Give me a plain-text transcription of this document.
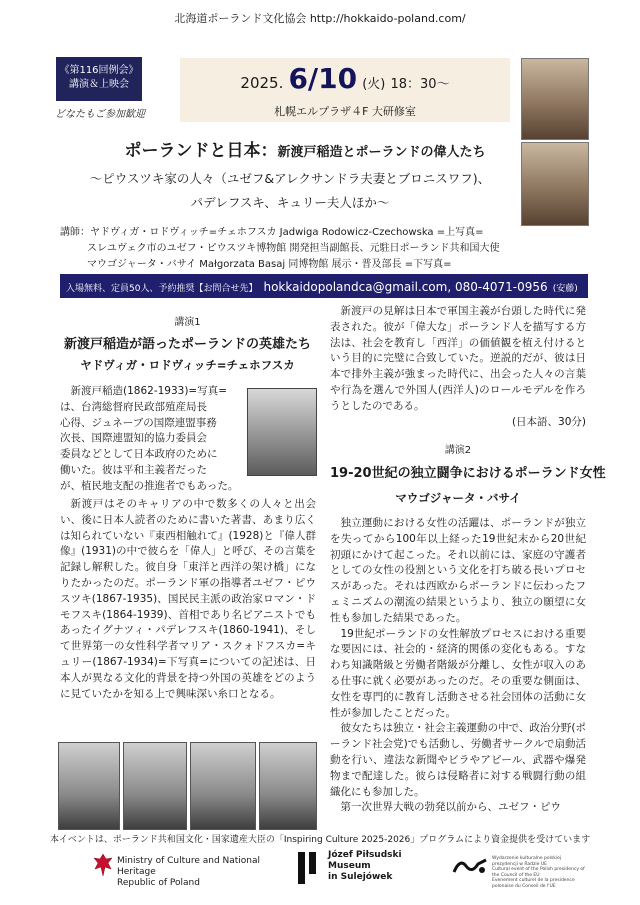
北海道ポーランド文化協会 http://hokkaido-poland.com/
《第116回例会》
講演＆上映会
どなたもご参加歓迎
2025. 6/10 (火) 18：30～
札幌エルプラザ４F 大研修室
ポーランドと日本：新渡戸稲造とポーランドの偉人たち
～ピウスツキ家の人々（ユゼフ&アレクサンドラ夫妻とブロニスワフ)、
パデレフスキ、キュリー夫人ほか～
講師：ヤドヴィガ・ロドヴィッチ=チェホフスカ Jadwiga Rodowicz-Czechowska =上写真=
スレユヴェク市のユゼフ・ピウスツキ博物館 開発担当副館長、元駐日ポーランド共和国大使
マウゴジャータ・バサイ Małgorzata Basaj 同博物館 展示・普及部長 =下写真=
入場無料、定員50人、予約推奨【お問合せ先】 hokkaidopolandca@gmail.com, 080-4071-0956 (安藤)
講演1
新渡戸稲造が語ったポーランドの英雄たち
ヤドヴィガ・ロドヴィッチ=チェホフスカ
新渡戸稲造(1862-1933)=写真=
は、台湾総督府民政部殖産局長
心得、ジュネーブの国際連盟事務
次長、国際連盟知的協力委員会
委員などとして日本政府のために
働いた。彼は平和主義者だった
が、植民地支配の推進者でもあった。

新渡戸はそのキャリアの中で数多くの人々と出会い、後に日本人読者のために書いた著書、あまり広くは知られていない『東西相触れて』(1928)と『偉人群像』(1931)の中で彼らを「偉人」と呼び、その言葉を記録し解釈した。彼自身「東洋と西洋の架け橋」になりたかったのだ。ポーランド軍の指導者ユゼフ・ピウスツキ(1867-1935)、国民民主派の政治家ロマン・ドモフスキ(1864-1939)、首相であり名ピアニストでもあったイグナツィ・パデレフスキ(1860-1941)、そして世界第一の女性科学者マリア・スクォドフスカ=キュリー(1867-1934)=下写真=についての記述は、日本人が異なる文化的背景を持つ外国の英雄をどのように見ていたかを知る上で興味深い糸口となる。

新渡戸の見解は日本で軍国主義が台頭した時代に発表された。彼が「偉大な」ポーランド人を描写する方法は、社会を教育し「西洋」の価値観を植え付けるという目的に完璧に合致していた。逆説的だが、彼は日本で排外主義が強まった時代に、出会った人々の言葉や行為を選んで外国人(西洋人)のロールモデルを作ろうとしたのである。

(日本語、30分)
講演2
19-20世紀の独立闘争におけるポーランド女性
マウゴジャータ・バサイ

独立運動における女性の活躍は、ポーランドが独立を失ってから100年以上経った19世紀末から20世紀初頭にかけて起こった。それ以前には、家庭の守護者としての女性の役割という文化を打ち破る長いプロセスがあった。それは西欧からポーランドに伝わったフェミニズムの潮流の結果というより、独立の願望に女性も参加した結果であった。

19世紀ポーランドの女性解放プロセスにおける重要な要因には、社会的・経済的関係の変化もある。すなわち知識階級と労働者階級が分離し、女性が収入のある仕事に就く必要があったのだ。その重要な側面は、女性を専門的に教育し活動させる社会団体の活動に女性が参加したことだった。

彼女たちは独立・社会主義運動の中で、政治分野(ポーランド社会党)でも活動し、労働者サークルで扇動活動を行い、違法な新聞やビラやアピール、武器や爆発物まで配達した。彼らは侵略者に対する戦闘行動の組織化にも参加した。

第一次世界大戦の勃発以前から、ユゼフ・ピウ

本イベントは、ポーランド共和国文化・国家遺産大臣の「Inspiring Culture 2025-2026」プログラムにより資金提供を受けています
Ministry of Culture and National Heritage
Republic of Poland
Józef Piłsudski
Museum
in Sulejówek
Wydarzenie kulturalne polskiej prezydencji w Radzie UE
Cultural event of the Polish presidency of the Council of the EU
Evenement culturel de la presidence polonaise du Conseil de l'UE
